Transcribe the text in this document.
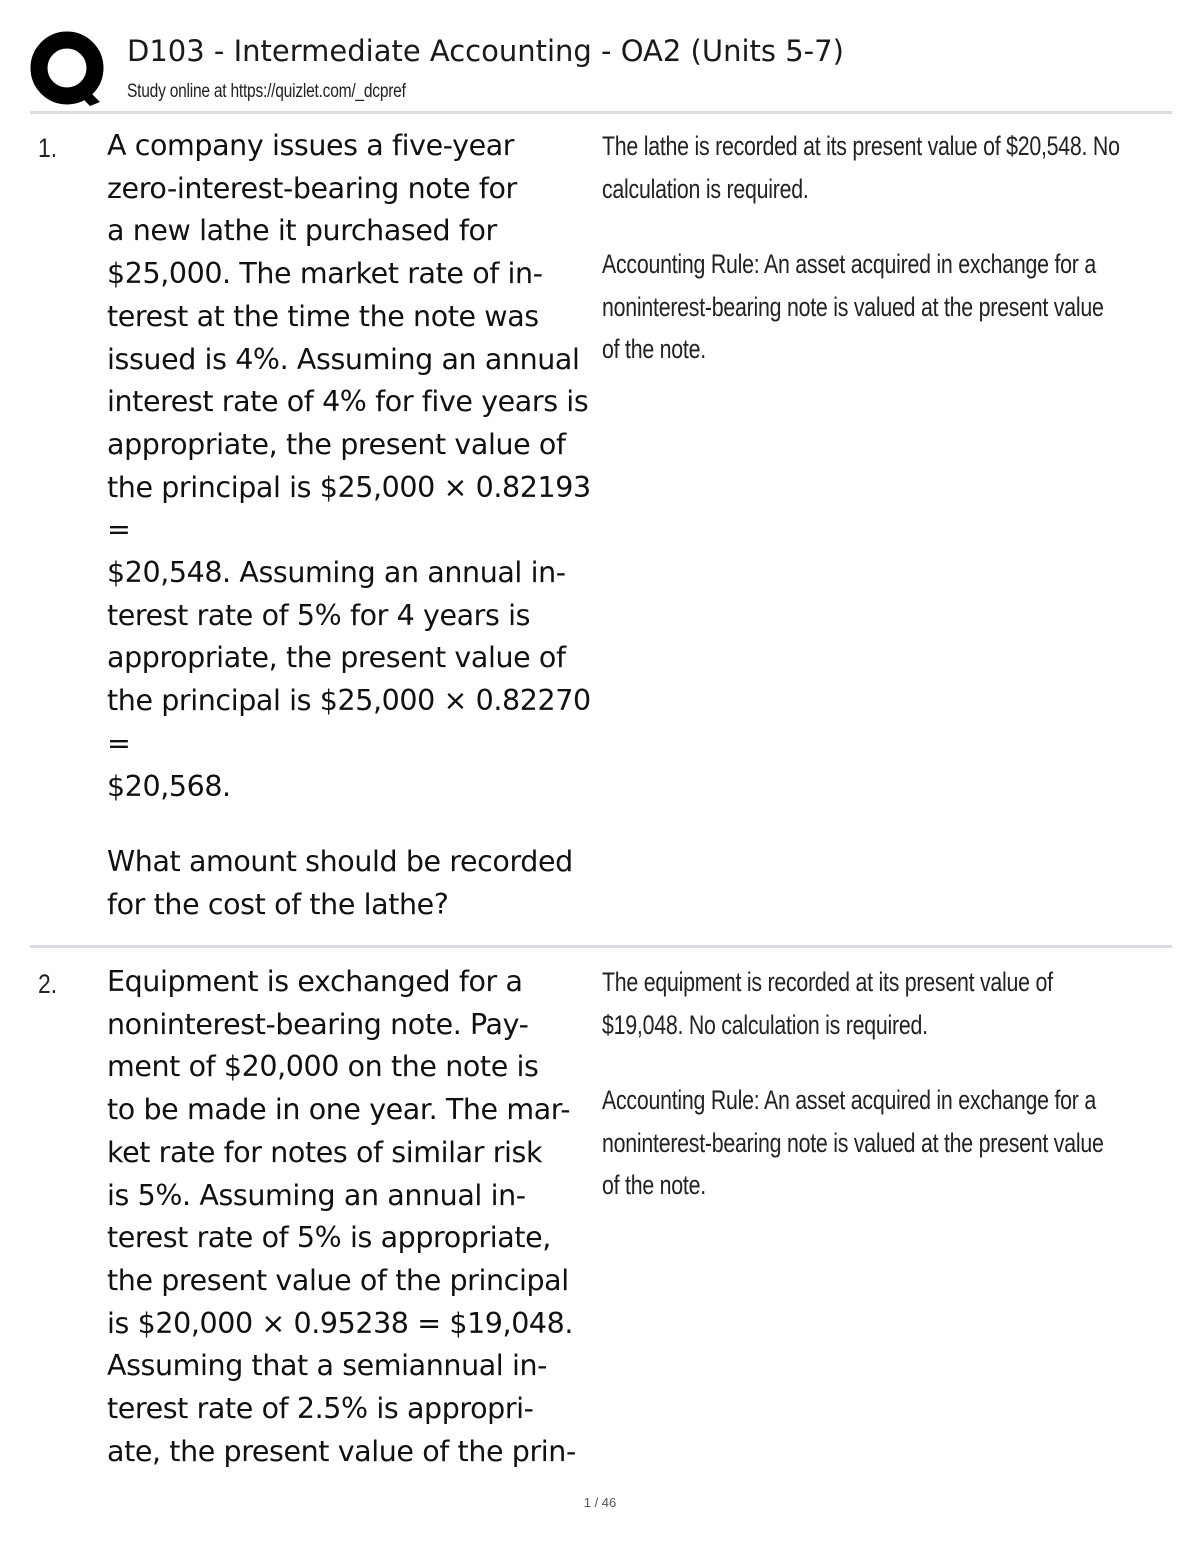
D103 - Intermediate Accounting - OA2 (Units 5-7)
Study online at https://quizlet.com/_dcpref
1. A company issues a five-year
zero-interest-bearing note for
a new lathe it purchased for
$25,000. The market rate of in-
terest at the time the note was
issued is 4%. Assuming an annual
interest rate of 4% for five years is
appropriate, the present value of
the principal is $25,000 × 0.82193
=
$20,548. Assuming an annual in-
terest rate of 5% for 4 years is
appropriate, the present value of
the principal is $25,000 × 0.82270
=
$20,568.

What amount should be recorded
for the cost of the lathe?

The lathe is recorded at its present value of $20,548. No
calculation is required.

Accounting Rule: An asset acquired in exchange for a
noninterest-bearing note is valued at the present value
of the note.

2. Equipment is exchanged for a
noninterest-bearing note. Pay-
ment of $20,000 on the note is
to be made in one year. The mar-
ket rate for notes of similar risk
is 5%. Assuming an annual in-
terest rate of 5% is appropriate,
the present value of the principal
is $20,000 × 0.95238 = $19,048.
Assuming that a semiannual in-
terest rate of 2.5% is appropri-
ate, the present value of the prin-

The equipment is recorded at its present value of
$19,048. No calculation is required.

Accounting Rule: An asset acquired in exchange for a
noninterest-bearing note is valued at the present value
of the note.

1 / 46
